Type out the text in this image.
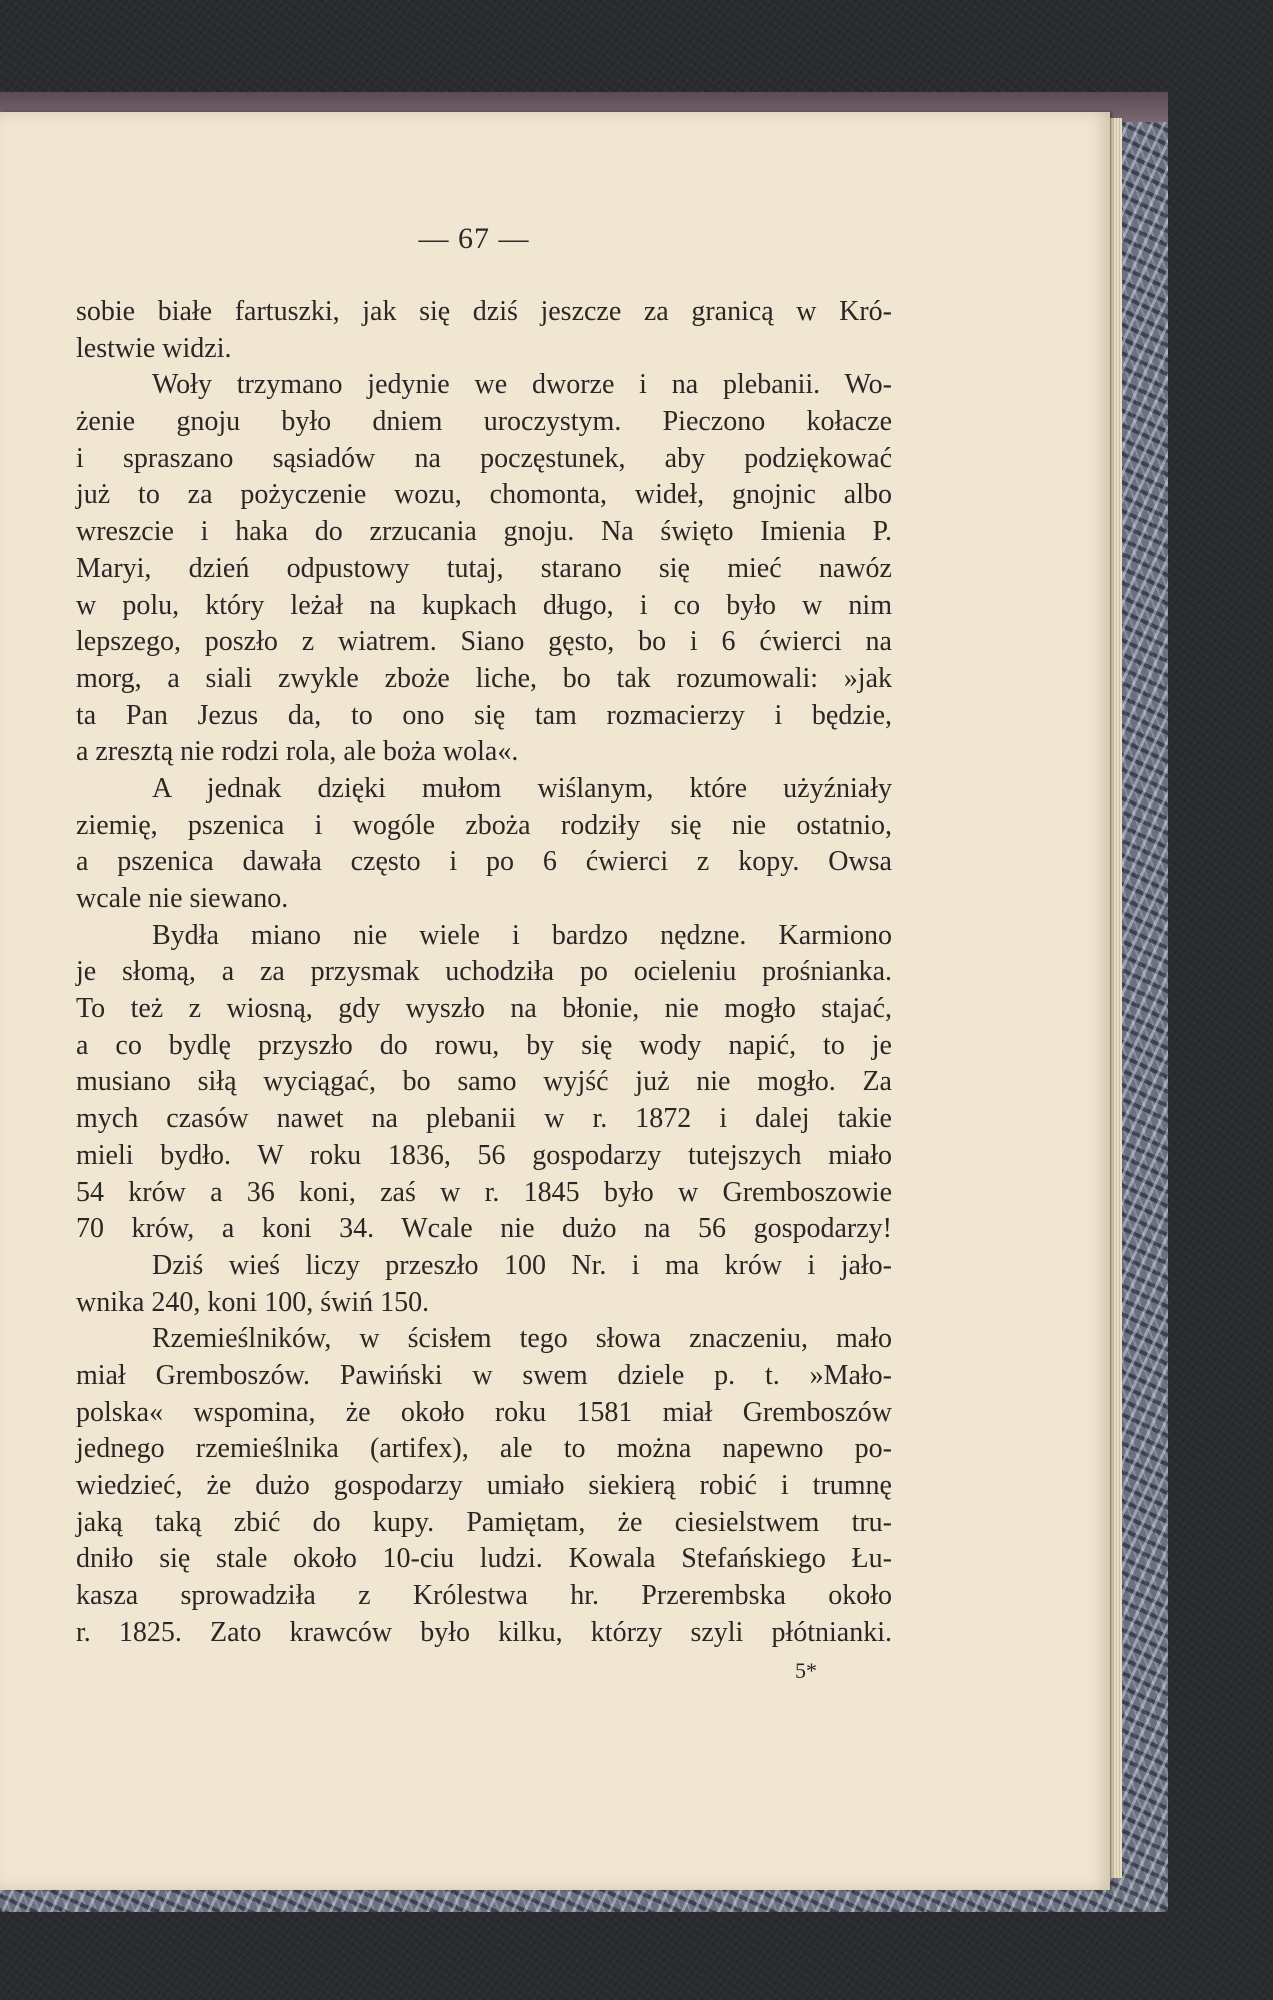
— 67 —
sobie białe fartuszki, jak się dziś jeszcze za granicą w Kró-
lestwie widzi.
Woły trzymano jedynie we dworze i na plebanii. Wo-
żenie gnoju było dniem uroczystym. Pieczono kołacze
i spraszano sąsiadów na poczęstunek, aby podziękować
już to za pożyczenie wozu, chomonta, wideł, gnojnic albo
wreszcie i haka do zrzucania gnoju. Na święto Imienia P.
Maryi, dzień odpustowy tutaj, starano się mieć nawóz
w polu, który leżał na kupkach długo, i co było w nim
lepszego, poszło z wiatrem. Siano gęsto, bo i 6 ćwierci na
morg, a siali zwykle zboże liche, bo tak rozumowali: »jak
ta Pan Jezus da, to ono się tam rozmacierzy i będzie,
a zresztą nie rodzi rola, ale boża wola«.
A jednak dzięki mułom wiślanym, które użyźniały
ziemię, pszenica i wogóle zboża rodziły się nie ostatnio,
a pszenica dawała często i po 6 ćwierci z kopy. Owsa
wcale nie siewano.
Bydła miano nie wiele i bardzo nędzne. Karmiono
je słomą, a za przysmak uchodziła po ocieleniu prośnianka.
To też z wiosną, gdy wyszło na błonie, nie mogło stajać,
a co bydlę przyszło do rowu, by się wody napić, to je
musiano siłą wyciągać, bo samo wyjść już nie mogło. Za
mych czasów nawet na plebanii w r. 1872 i dalej takie
mieli bydło. W roku 1836, 56 gospodarzy tutejszych miało
54 krów a 36 koni, zaś w r. 1845 było w Gremboszowie
70 krów, a koni 34. Wcale nie dużo na 56 gospodarzy!
Dziś wieś liczy przeszło 100 Nr. i ma krów i jało-
wnika 240, koni 100, świń 150.
Rzemieślników, w ścisłem tego słowa znaczeniu, mało
miał Gremboszów. Pawiński w swem dziele p. t. »Mało-
polska« wspomina, że około roku 1581 miał Gremboszów
jednego rzemieślnika (artifex), ale to można napewno po-
wiedzieć, że dużo gospodarzy umiało siekierą robić i trumnę
jaką taką zbić do kupy. Pamiętam, że ciesielstwem tru-
dniło się stale około 10-ciu ludzi. Kowala Stefańskiego Łu-
kasza sprowadziła z Królestwa hr. Przerembska około
r. 1825. Zato krawców było kilku, którzy szyli płótnianki.
5*
